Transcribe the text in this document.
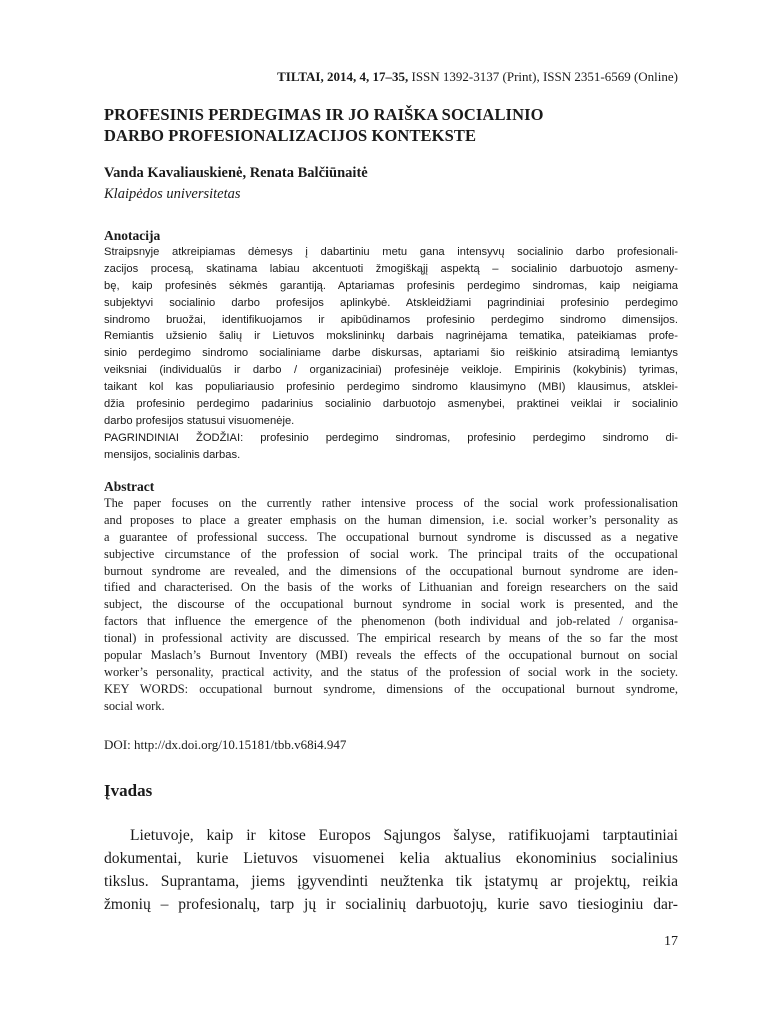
TILTAI, 2014, 4, 17–35, ISSN 1392-3137 (Print), ISSN 2351-6569 (Online)
PROFESINIS PERDEGIMAS IR JO RAIŠKA SOCIALINIO
DARBO PROFESIONALIZACIJOS KONTEKSTE
Vanda Kavaliauskienė, Renata Balčiūnaitė
Klaipėdos universitetas
Anotacija
Straipsnyje atkreipiamas dėmesys į dabartiniu metu gana intensyvų socialinio darbo profesionali-
zacijos procesą, skatinama labiau akcentuoti žmogiškąjį aspektą – socialinio darbuotojo asmeny-
bę, kaip profesinės sėkmės garantiją. Aptariamas profesinis perdegimo sindromas, kaip neigiama
subjektyvi socialinio darbo profesijos aplinkybė. Atskleidžiami pagrindiniai profesinio perdegimo
sindromo bruožai, identifikuojamos ir apibūdinamos profesinio perdegimo sindromo dimensijos.
Remiantis užsienio šalių ir Lietuvos mokslininkų darbais nagrinėjama tematika, pateikiamas profe-
sinio perdegimo sindromo socialiniame darbe diskursas, aptariami šio reiškinio atsiradimą lemiantys
veiksniai (individualūs ir darbo / organizaciniai) profesinėje veikloje. Empirinis (kokybinis) tyrimas,
taikant kol kas populiariausio profesinio perdegimo sindromo klausimyno (MBI) klausimus, atsklei-
džia profesinio perdegimo padarinius socialinio darbuotojo asmenybei, praktinei veiklai ir socialinio
darbo profesijos statusui visuomenėje.
PAGRINDINIAI ŽODŽIAI: profesinio perdegimo sindromas, profesinio perdegimo sindromo di-
mensijos, socialinis darbas.
Abstract
The paper focuses on the currently rather intensive process of the social work professionalisation
and proposes to place a greater emphasis on the human dimension, i.e. social worker’s personality as
a guarantee of professional success. The occupational burnout syndrome is discussed as a negative
subjective circumstance of the profession of social work. The principal traits of the occupational
burnout syndrome are revealed, and the dimensions of the occupational burnout syndrome are iden-
tified and characterised. On the basis of the works of Lithuanian and foreign researchers on the said
subject, the discourse of the occupational burnout syndrome in social work is presented, and the
factors that influence the emergence of the phenomenon (both individual and job-related / organisa-
tional) in professional activity are discussed. The empirical research by means of the so far the most
popular Maslach’s Burnout Inventory (MBI) reveals the effects of the occupational burnout on social
worker’s personality, practical activity, and the status of the profession of social work in the society.
KEY WORDS: occupational burnout syndrome, dimensions of the occupational burnout syndrome,
social work.
DOI: http://dx.doi.org/10.15181/tbb.v68i4.947
Įvadas
Lietuvoje, kaip ir kitose Europos Sąjungos šalyse, ratifikuojami tarptautiniai
dokumentai, kurie Lietuvos visuomenei kelia aktualius ekonominius socialinius
tikslus. Suprantama, jiems įgyvendinti neužtenka tik įstatymų ar projektų, reikia
žmonių – profesionalų, tarp jų ir socialinių darbuotojų, kurie savo tiesioginiu dar-
17
